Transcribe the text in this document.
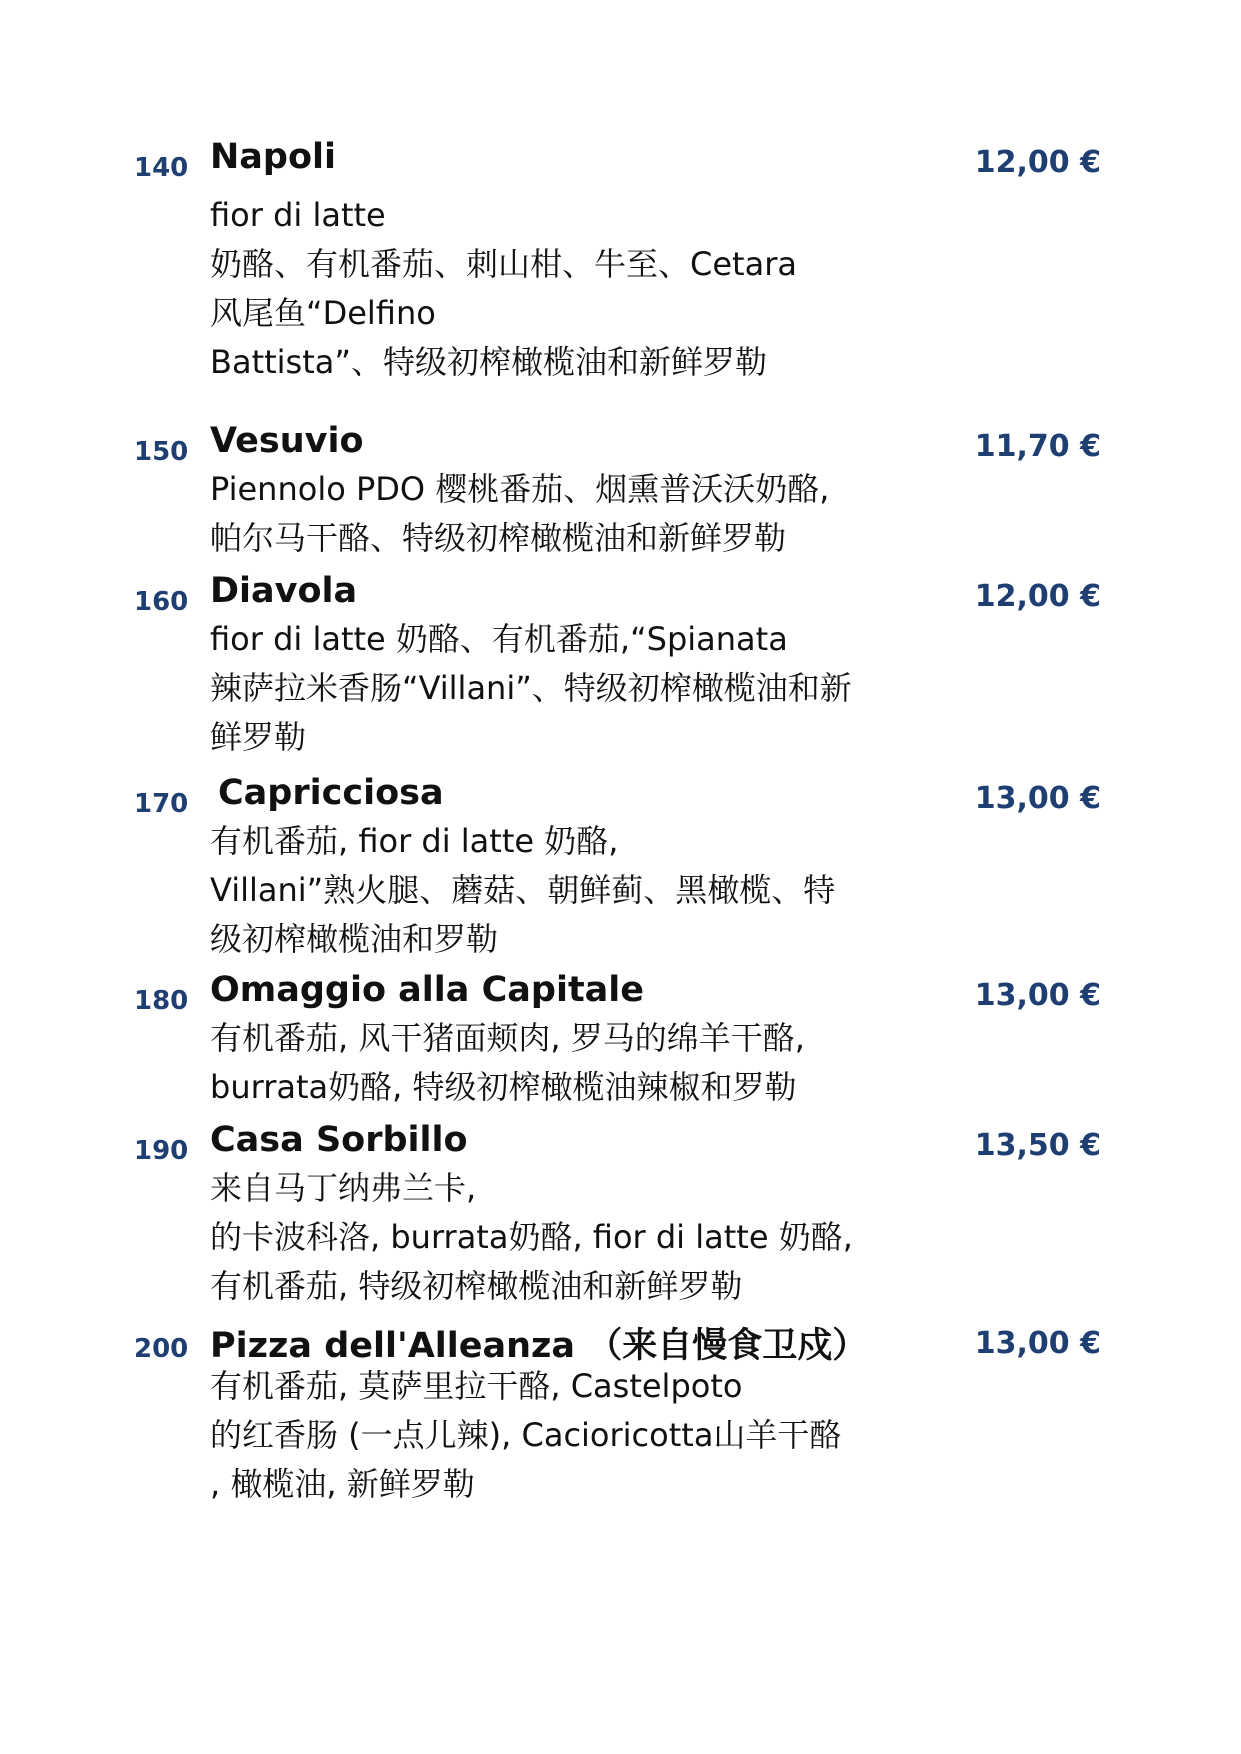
140 Napoli	12,00 €
fior di latte
奶酪、有机番茄、刺山柑、牛至、Cetara
风尾鱼“Delfino
Battista”、特级初榨橄榄油和新鲜罗勒
150 Vesuvio	11,70 €
Piennolo PDO 樱桃番茄、烟熏普沃沃奶酪,
帕尔马干酪、特级初榨橄榄油和新鲜罗勒
160 Diavola	12,00 €
fior di latte 奶酪、有机番茄,“Spianata
辣萨拉米香肠“Villani”、特级初榨橄榄油和新
鲜罗勒
170 Capricciosa	13,00 €
有机番茄, fior di latte 奶酪,
Villani”熟火腿、蘑菇、朝鲜蓟、黑橄榄、特
级初榨橄榄油和罗勒
180 Omaggio alla Capitale	13,00 €
有机番茄, 风干猪面颊肉, 罗马的绵羊干酪,
burrata奶酪, 特级初榨橄榄油辣椒和罗勒
190 Casa Sorbillo	13,50 €
来自马丁纳弗兰卡,
的卡波科洛, burrata奶酪, fior di latte 奶酪,
有机番茄, 特级初榨橄榄油和新鲜罗勒
200 Pizza dell'Alleanza （来自慢食卫戍）	13,00 €
有机番茄, 莫萨里拉干酪, Castelpoto
的红香肠 (一点儿辣), Cacioricotta山羊干酪
, 橄榄油, 新鲜罗勒
